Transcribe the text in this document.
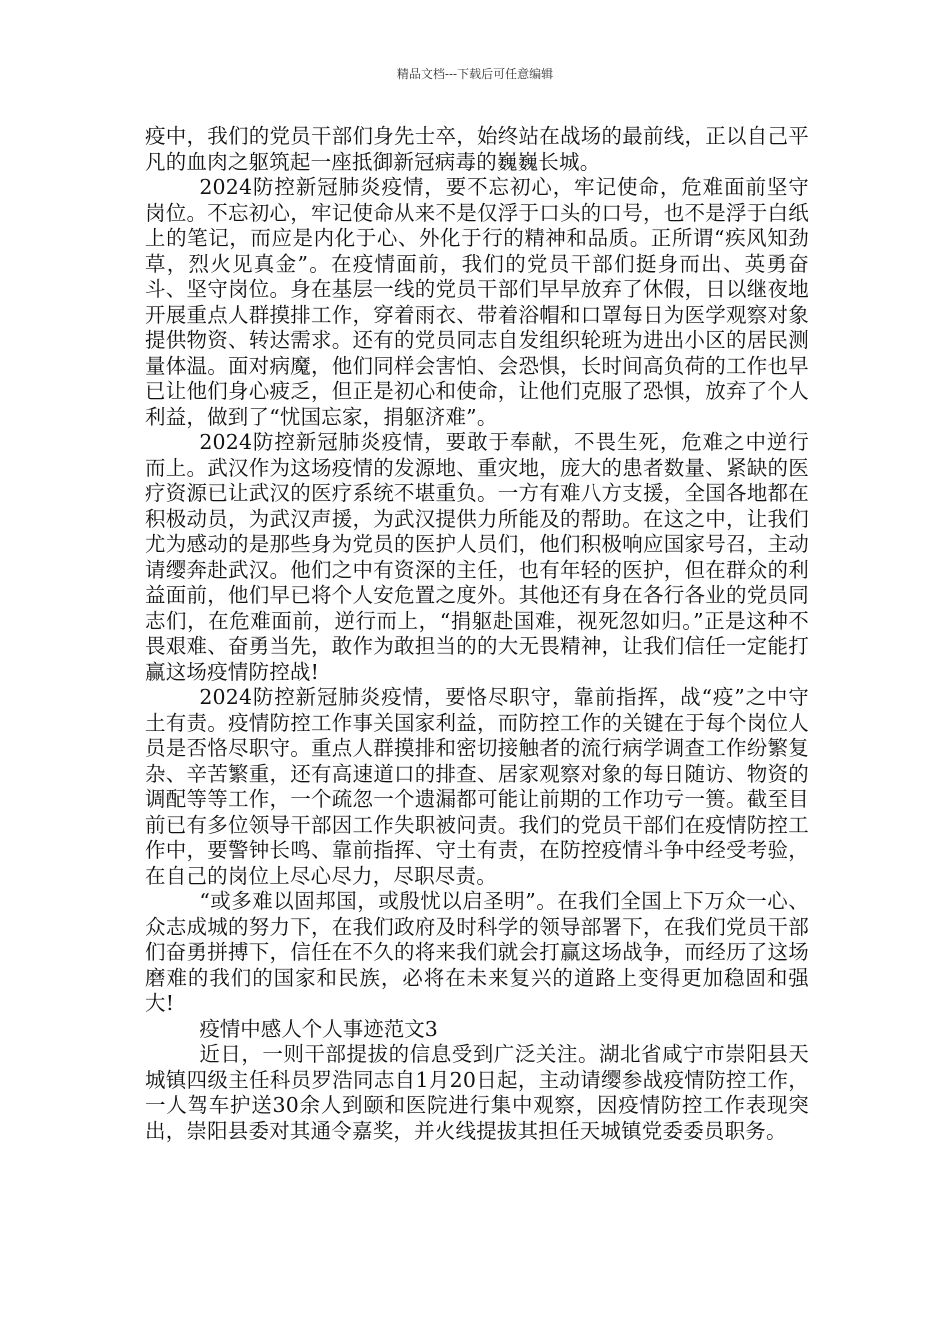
精品文档---下载后可任意编辑

疫中，我们的党员干部们身先士卒，始终站在战场的最前线，正以自己平凡的血肉之躯筑起一座抵御新冠病毒的巍巍长城。

2024防控新冠肺炎疫情，要不忘初心，牢记使命，危难面前坚守岗位。不忘初心，牢记使命从来不是仅浮于口头的口号，也不是浮于白纸上的笔记，而应是内化于心、外化于行的精神和品质。正所谓“疾风知劲草，烈火见真金”。在疫情面前，我们的党员干部们挺身而出、英勇奋斗、坚守岗位。身在基层一线的党员干部们早早放弃了休假，日以继夜地开展重点人群摸排工作，穿着雨衣、带着浴帽和口罩每日为医学观察对象提供物资、转达需求。还有的党员同志自发组织轮班为进出小区的居民测量体温。面对病魔，他们同样会害怕、会恐惧，长时间高负荷的工作也早已让他们身心疲乏，但正是初心和使命，让他们克服了恐惧，放弃了个人利益，做到了“忧国忘家，捐躯济难”。

2024防控新冠肺炎疫情，要敢于奉献，不畏生死，危难之中逆行而上。武汉作为这场疫情的发源地、重灾地，庞大的患者数量、紧缺的医疗资源已让武汉的医疗系统不堪重负。一方有难八方支援，全国各地都在积极动员，为武汉声援，为武汉提供力所能及的帮助。在这之中，让我们尤为感动的是那些身为党员的医护人员们，他们积极响应国家号召，主动请缨奔赴武汉。他们之中有资深的主任，也有年轻的医护，但在群众的利益面前，他们早已将个人安危置之度外。其他还有身在各行各业的党员同志们，在危难面前，逆行而上，“捐躯赴国难，视死忽如归。”正是这种不畏艰难、奋勇当先，敢作为敢担当的的大无畏精神，让我们信任一定能打赢这场疫情防控战!

2024防控新冠肺炎疫情，要恪尽职守，靠前指挥，战“疫”之中守土有责。疫情防控工作事关国家利益，而防控工作的关键在于每个岗位人员是否恪尽职守。重点人群摸排和密切接触者的流行病学调查工作纷繁复杂、辛苦繁重，还有高速道口的排查、居家观察对象的每日随访、物资的调配等等工作，一个疏忽一个遗漏都可能让前期的工作功亏一篑。截至目前已有多位领导干部因工作失职被问责。我们的党员干部们在疫情防控工作中，要警钟长鸣、靠前指挥、守土有责，在防控疫情斗争中经受考验，在自己的岗位上尽心尽力，尽职尽责。

“或多难以固邦国，或殷忧以启圣明”。在我们全国上下万众一心、众志成城的努力下，在我们政府及时科学的领导部署下，在我们党员干部们奋勇拼搏下，信任在不久的将来我们就会打赢这场战争，而经历了这场磨难的我们的国家和民族，必将在未来复兴的道路上变得更加稳固和强大!

疫情中感人个人事迹范文3

近日，一则干部提拔的信息受到广泛关注。湖北省咸宁市崇阳县天城镇四级主任科员罗浩同志自1月20日起，主动请缨参战疫情防控工作，一人驾车护送30余人到颐和医院进行集中观察，因疫情防控工作表现突出，崇阳县委对其通令嘉奖，并火线提拔其担任天城镇党委委员职务。
